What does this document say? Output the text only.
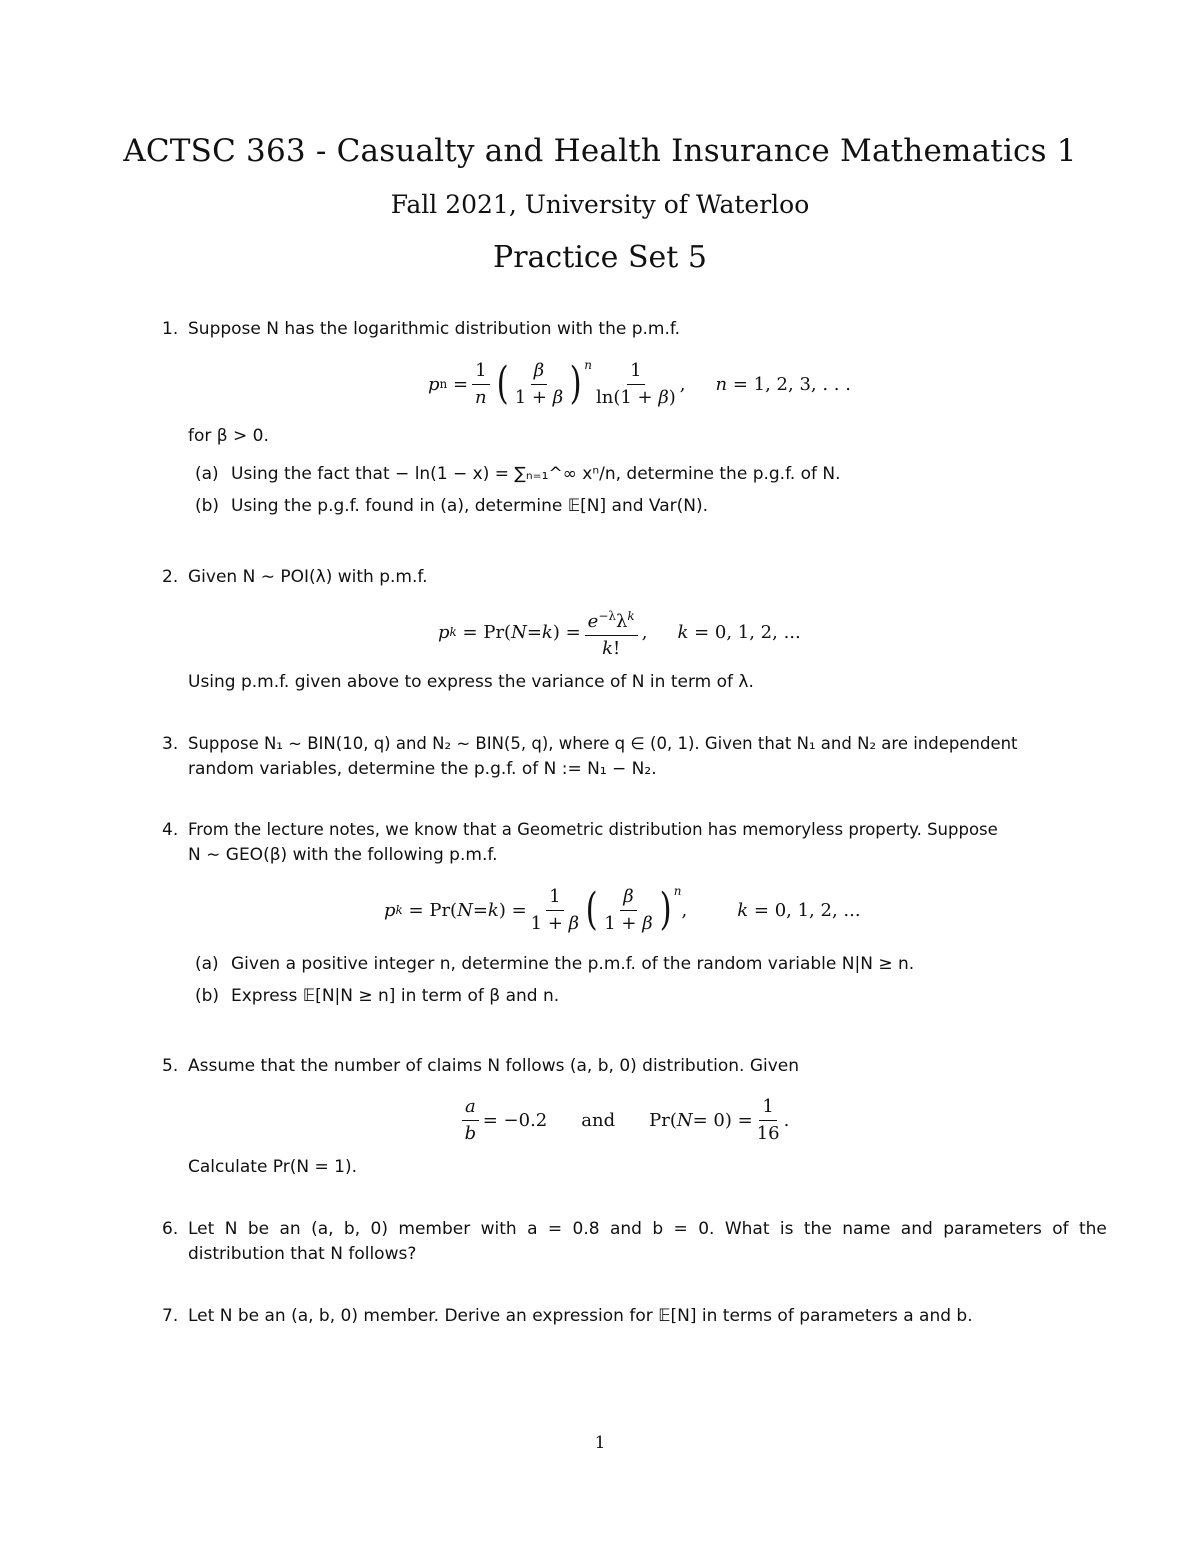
ACTSC 363 - Casualty and Health Insurance Mathematics 1
Fall 2021, University of Waterloo
Practice Set 5
1. Suppose N has the logarithmic distribution with the p.m.f.
p $n = \frac{1}{n}$ ( $\frac{\beta}{1 + \beta}$ ) $^n \frac{1}{\ln(1 + \beta)}$ , n = 1, 2, 3, . . .
for β > 0.
(a) Using the fact that − ln(1 − x) = ∑ₙ₌₁^∞ xⁿ/n, determine the p.g.f. of N.
(b) Using the p.g.f. found in (a), determine 𝔼[N] and Var(N).
2. Given N ∼ POI(λ) with p.m.f.
p k = Pr( N = k ) = $\frac{e^{-\lambda}\lambda^k}{k!}$ , k = 0, 1, 2, ...
Using p.m.f. given above to express the variance of N in term of λ.
3. Suppose N₁ ∼ BIN(10, q) and N₂ ∼ BIN(5, q), where q ∈ (0, 1). Given that N₁ and N₂ are independent
random variables, determine the p.g.f. of N := N₁ − N₂.
4. From the lecture notes, we know that a Geometric distribution has memoryless property. Suppose
N ∼ GEO(β) with the following p.m.f.
p k = Pr( N = k ) = $\frac{1}{1 + \beta}$ ( $\frac{\beta}{1 + \beta}$ ) $^n$
,	k = 0, 1, 2, ...
(a) Given a positive integer n, determine the p.m.f. of the random variable N|N ≥ n.
(b) Express 𝔼[N|N ≥ n] in term of β and n.
5. Assume that the number of claims N follows (a, b, 0) distribution. Given
$\frac{a}{b} = -0.2$ and Pr( $N = 0) = \frac{1}{16}$ .
Calculate Pr(N = 1).
6. Let N be an (a, b, 0) member with a = 0.8 and b = 0. What is the name and parameters of the
distribution that N follows?
7. Let N be an (a, b, 0) member. Derive an expression for 𝔼[N] in terms of parameters a and b.
1
